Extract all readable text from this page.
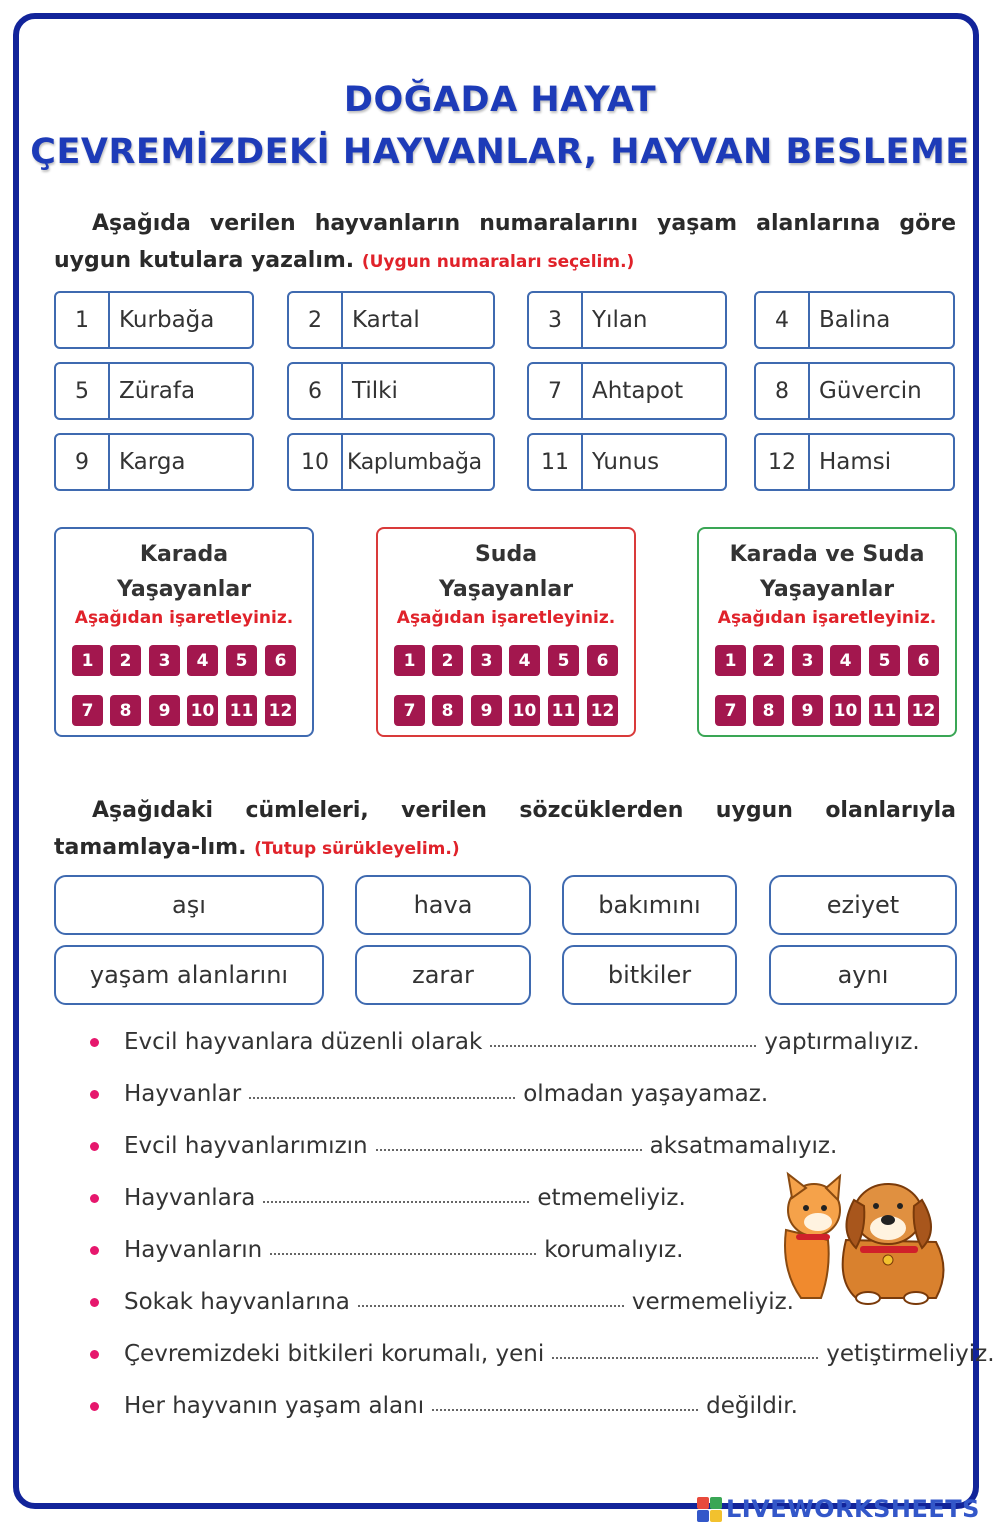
DOĞADA HAYAT
ÇEVREMİZDEKİ HAYVANLAR, HAYVAN BESLEME
Aşağıda verilen hayvanların numaralarını yaşam alanlarına göre uygun kutulara yazalım. (Uygun numaraları seçelim.)
1	Kurbağa	2	Kartal	3	Yılan	4	Balina
5	Zürafa	6	Tilki	7	Ahtapot	8	Güvercin
9	Karga	10 Kaplumbağa	11	Yunus	12	Hamsi
Karada
Yaşayanlar
Aşağıdan işaretleyiniz.
1	2	3	4	5	6
7	8	9	10 11 12
Suda
Yaşayanlar
Aşağıdan işaretleyiniz.
1	2	3	4	5	6
7	8	9	10 11 12
Karada ve Suda
Yaşayanlar
Aşağıdan işaretleyiniz.
1	2	3	4	5	6
7	8	9	10 11 12
Aşağıdaki cümleleri, verilen sözcüklerden uygun olanlarıyla tamamlaya-lım. (Tutup sürükleyelim.)
aşı	hava	bakımını	eziyet
yaşam alanlarını	zarar	bitkiler	aynı
Evcil hayvanlara düzenli olarak	yaptırmalıyız.
Hayvanlar	olmadan yaşayamaz.
Evcil hayvanlarımızın	aksatmamalıyız.
Hayvanlara	etmemeliyiz.
Hayvanların	korumalıyız.
Sokak hayvanlarına	vermemeliyiz.
Çevremizdeki bitkileri korumalı, yeni	yetiştirmeliyiz.
Her hayvanın yaşam alanı	değildir.
LIVEWORKSHEETS
